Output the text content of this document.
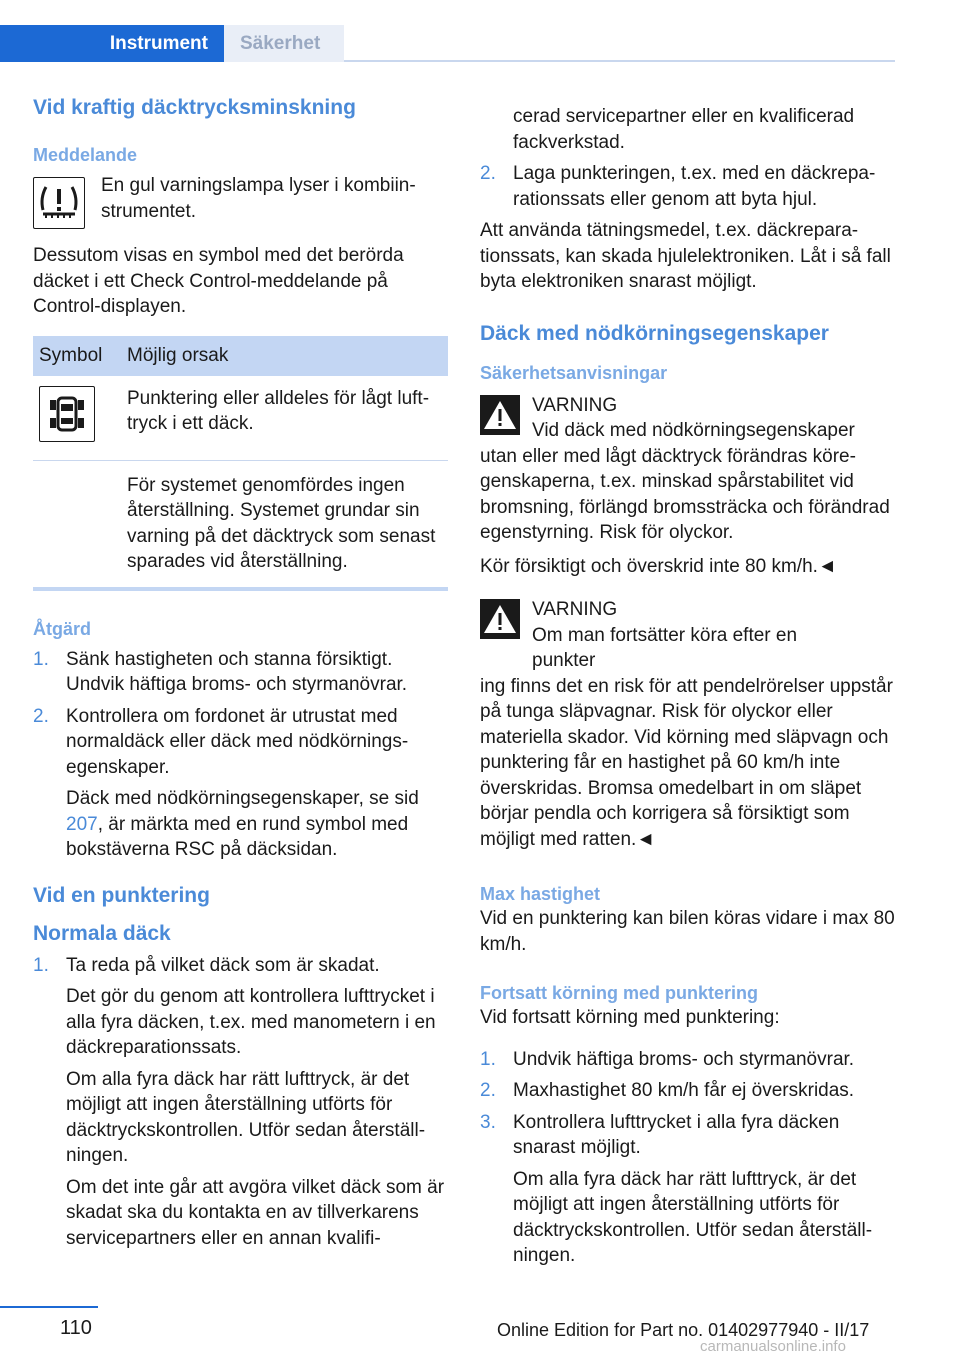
Instrument	Säkerhet
Vid kraftig däcktrycksminskning
Meddelande

En gul varningslampa lyser i kombiinstrumentet.

Dessutom visas en symbol med det berörda däcket i ett Check Control-meddelande på Control-displayen.

Symbol	Möjlig orsak

	Punktering eller alldeles för lågt lufttryck i ett däck.
	För systemet genomfördes ingen återställning. Systemet grundar sin varning på det däcktryck som senast sparades vid återställning.
Åtgärd
1. Sänk hastigheten och stanna försiktigt. Undvik häftiga broms- och styrmanövrar.

2. Kontrollera om fordonet är utrustat med normaldäck eller däck med nödkörningsegenskaper.

Däck med nödkörningsegenskaper, se sid 207, är märkta med en rund symbol med bokstäverna RSC på däcksidan.

Vid en punktering
Normala däck
1. Ta reda på vilket däck som är skadat.

Det gör du genom att kontrollera lufttrycket i alla fyra däcken, t.ex. med manometern i en däckreparationssats.

Om alla fyra däck har rätt lufttryck, är det möjligt att ingen återställning utförts för däcktryckskontrollen. Utför sedan återställningen.

Om det inte går att avgöra vilket däck som är skadat ska du kontakta en av tillverkarens servicepartners eller en annan kvalifi-

cerad servicepartner eller en kvalificerad fackverkstad.

2. Laga punkteringen, t.ex. med en däckreparationssats eller genom att byta hjul.

Att använda tätningsmedel, t.ex. däckreparationssats, kan skada hjulelektroniken. Låt i så fall byta elektroniken snarast möjligt.

Däck med nödkörningsegenskaper
Säkerhetsanvisningar

VARNING

Vid däck med nödkörningsegenskaper

utan eller med lågt däcktryck förändras köregenskaperna, t.ex. minskad spårstabilitet vid bromsning, förlängd bromssträcka och förändrad egenstyrning. Risk för olyckor.

Kör försiktigt och överskrid inte 80 km/h.◄

VARNING

Om man fortsätter köra efter en punkter

ing finns det en risk för att pendelrörelser uppstår på tunga släpvagnar. Risk för olyckor eller materiella skador. Vid körning med släpvagn och punktering får en hastighet på 60 km/h inte överskridas. Bromsa omedelbart in om släpet börjar pendla och korrigera så försiktigt som möjligt med ratten.◄

Max hastighet

Vid en punktering kan bilen köras vidare i max 80 km/h.

Fortsatt körning med punktering

Vid fortsatt körning med punktering:

1. Undvik häftiga broms- och styrmanövrar.

2. Maxhastighet 80 km/h får ej överskridas.

3. Kontrollera lufttrycket i alla fyra däcken snarast möjligt.

Om alla fyra däck har rätt lufttryck, är det möjligt att ingen återställning utförts för däcktryckskontrollen. Utför sedan återställningen.

110	Online Edition for Part no. 01402977940 - II/17
carmanualsonline.info
